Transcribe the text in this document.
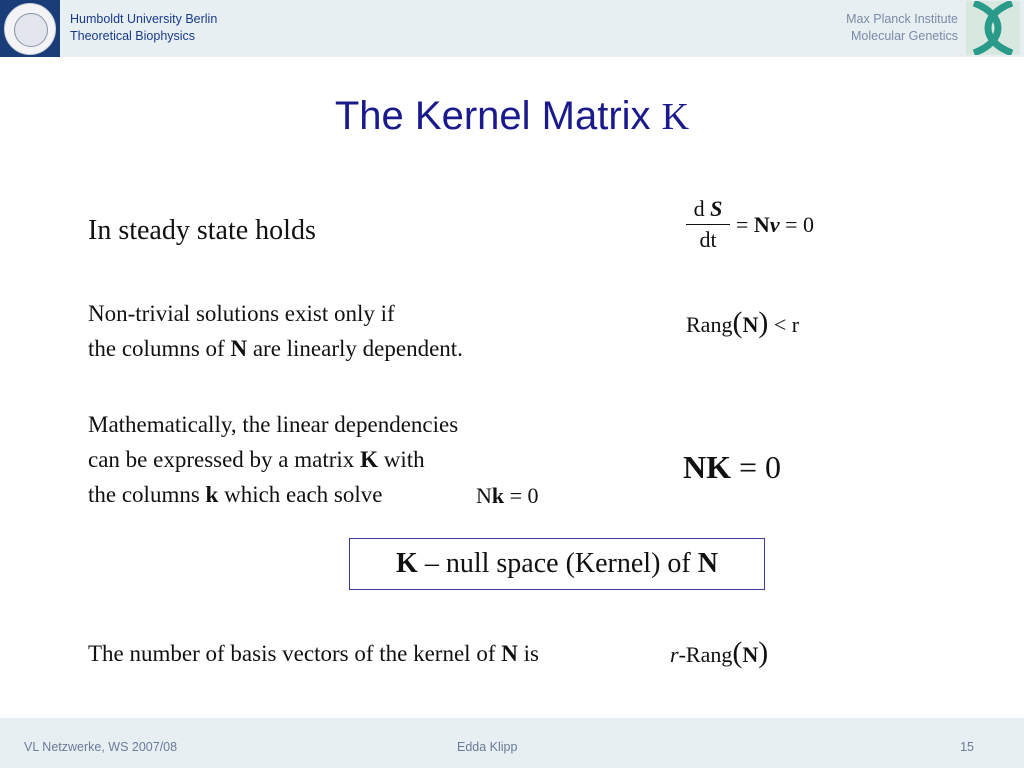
Humboldt University Berlin
Theoretical Biophysics
Max Planck Institute
Molecular Genetics
The Kernel Matrix K
In steady state holds
d S
dt
= Nv = 0
Non-trivial solutions exist only if
the columns of N are linearly dependent.
Rang(N) < r
Mathematically, the linear dependencies
can be expressed by a matrix K with
the columns k which each solve	Nk = 0
NK = 0
K – null space (Kernel) of N
The number of basis vectors of the kernel of N is	r-Rang(N)
VL Netzwerke, WS 2007/08	Edda Klipp	15
